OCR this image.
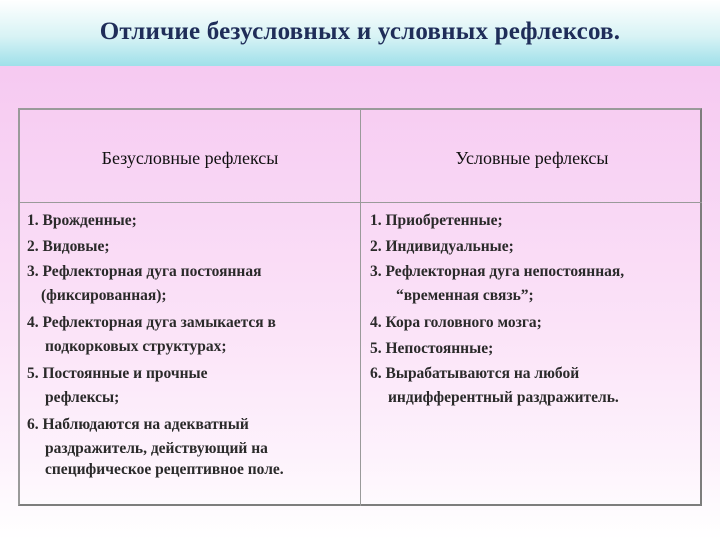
Отличие безусловных и условных рефлексов.
Безусловные рефлексы	Условные рефлексы
1. Врожденные;
2. Видовые;
3. Рефлекторная дуга постоянная
(фиксированная);
4. Рефлекторная дуга замыкается в
подкорковых структурах;
5. Постоянные и прочные
рефлексы;
6. Наблюдаются на адекватный
раздражитель, действующий на
специфическое рецептивное поле.
1. Приобретенные;
2. Индивидуальные;
3. Рефлекторная дуга непостоянная,
“временная связь”;
4. Кора головного мозга;
5. Непостоянные;
6. Вырабатываются на любой
индифферентный раздражитель.
